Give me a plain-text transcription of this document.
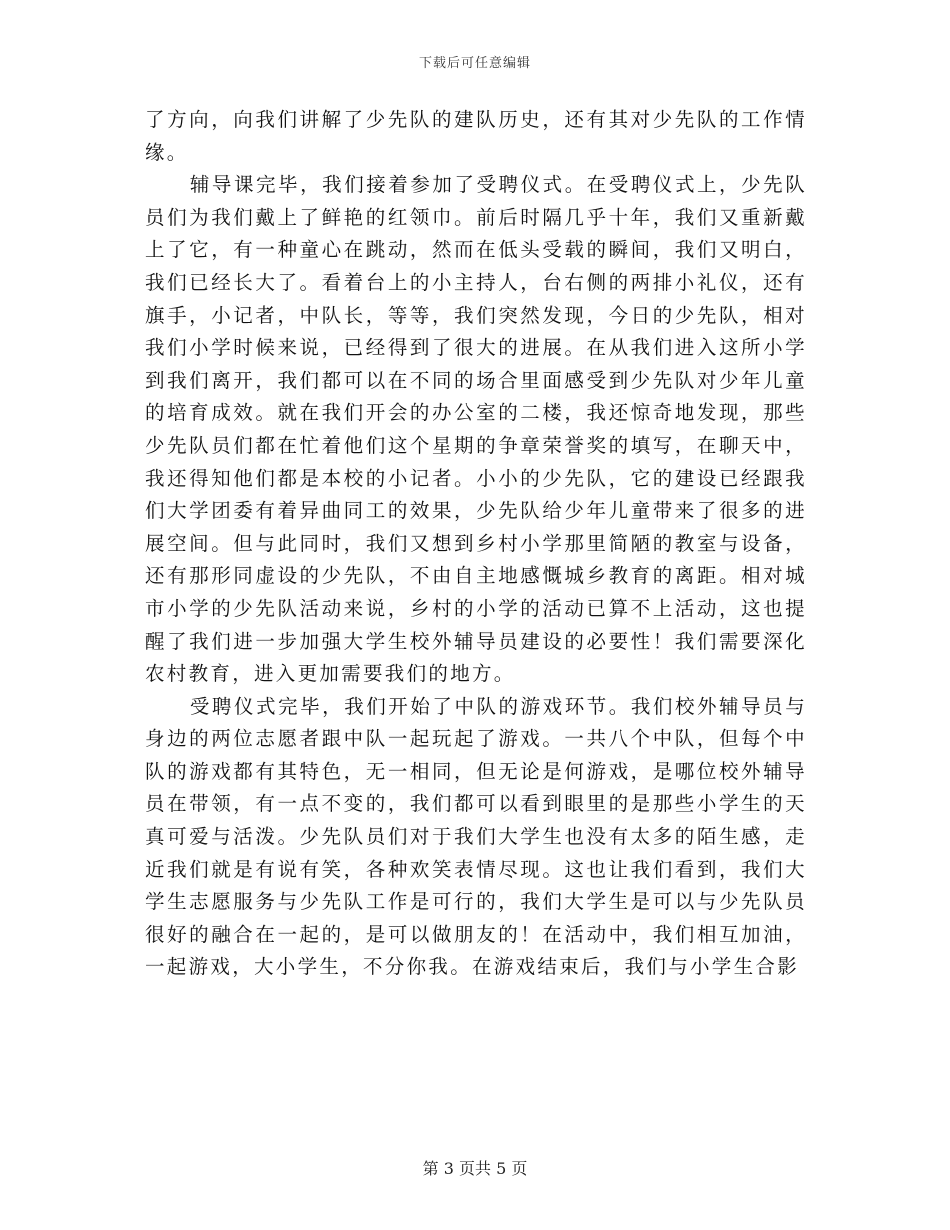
下载后可任意编辑

了方向，向我们讲解了少先队的建队历史，还有其对少先队的工作情缘。

辅导课完毕，我们接着参加了受聘仪式。在受聘仪式上，少先队员们为我们戴上了鲜艳的红领巾。前后时隔几乎十年，我们又重新戴上了它，有一种童心在跳动，然而在低头受载的瞬间，我们又明白，我们已经长大了。看着台上的小主持人，台右侧的两排小礼仪，还有旗手，小记者，中队长，等等，我们突然发现，今日的少先队，相对我们小学时候来说，已经得到了很大的进展。在从我们进入这所小学到我们离开，我们都可以在不同的场合里面感受到少先队对少年儿童的培育成效。就在我们开会的办公室的二楼，我还惊奇地发现，那些少先队员们都在忙着他们这个星期的争章荣誉奖的填写，在聊天中，我还得知他们都是本校的小记者。小小的少先队，它的建设已经跟我们大学团委有着异曲同工的效果，少先队给少年儿童带来了很多的进展空间。但与此同时，我们又想到乡村小学那里简陋的教室与设备，还有那形同虚设的少先队，不由自主地感慨城乡教育的离距。相对城市小学的少先队活动来说，乡村的小学的活动已算不上活动，这也提醒了我们进一步加强大学生校外辅导员建设的必要性！我们需要深化农村教育，进入更加需要我们的地方。

受聘仪式完毕，我们开始了中队的游戏环节。我们校外辅导员与身边的两位志愿者跟中队一起玩起了游戏。一共八个中队，但每个中队的游戏都有其特色，无一相同，但无论是何游戏，是哪位校外辅导员在带领，有一点不变的，我们都可以看到眼里的是那些小学生的天真可爱与活泼。少先队员们对于我们大学生也没有太多的陌生感，走近我们就是有说有笑，各种欢笑表情尽现。这也让我们看到，我们大学生志愿服务与少先队工作是可行的，我们大学生是可以与少先队员很好的融合在一起的，是可以做朋友的！在活动中，我们相互加油，一起游戏，大小学生，不分你我。在游戏结束后，我们与小学生合影

第 3 页共 5 页
